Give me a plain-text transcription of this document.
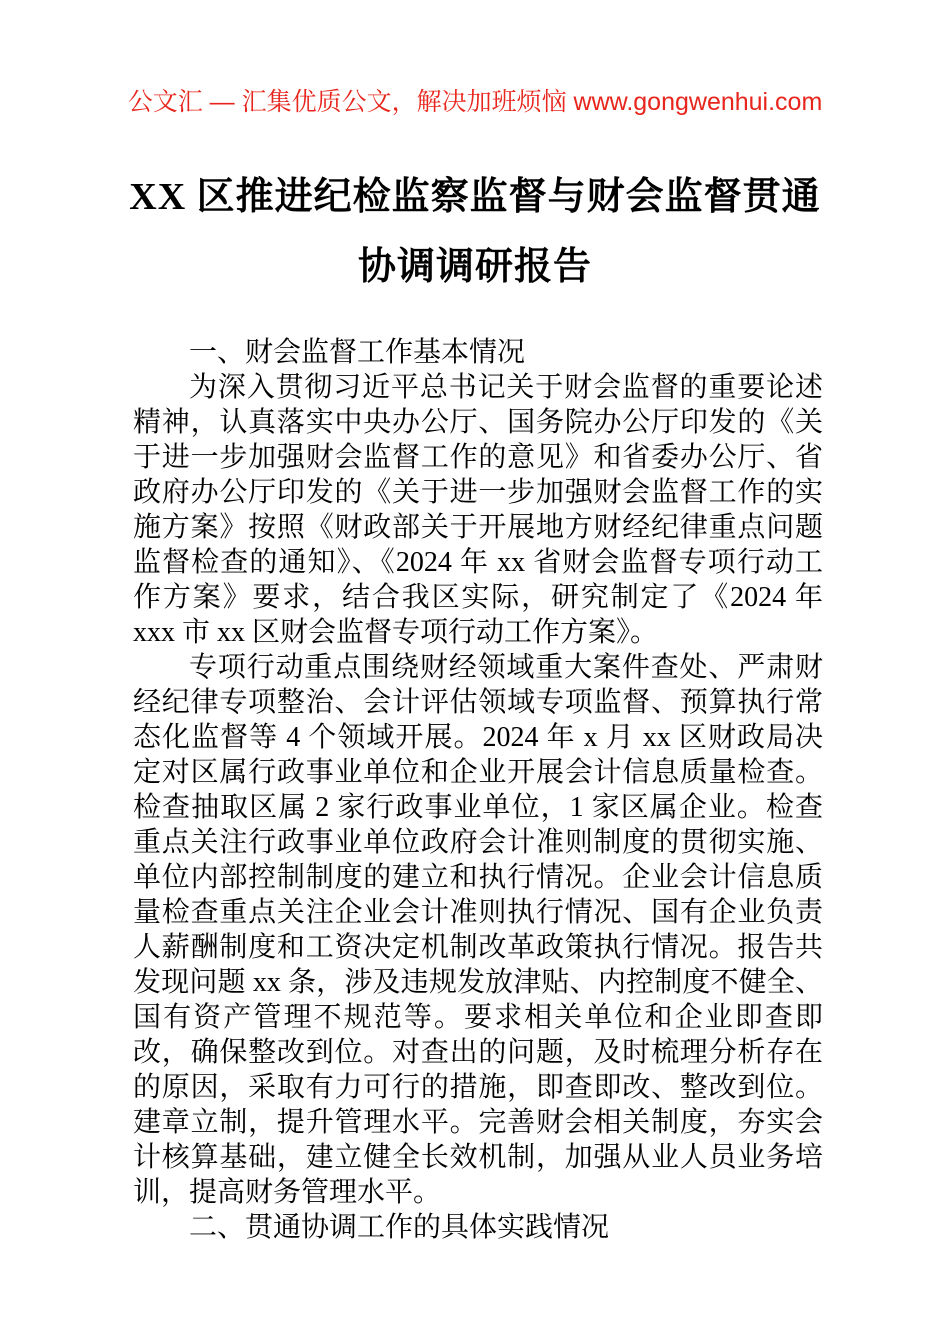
公文汇 — 汇集优质公文，解决加班烦恼 www.gongwenhui.com
XX 区推进纪检监察监督与财会监督贯通协调调研报告

一、财会监督工作基本情况

为深入贯彻习近平总书记关于财会监督的重要论述精神，认真落实中央办公厅、国务院办公厅印发的《关于进一步加强财会监督工作的意见》和省委办公厅、省政府办公厅印发的《关于进一步加强财会监督工作的实施方案》按照《财政部关于开展地方财经纪律重点问题监督检查的通知》、《2024 年 xx 省财会监督专项行动工作方案》要求，结合我区实际，研究制定了《2024 年 xxx 市 xx 区财会监督专项行动工作方案》。

专项行动重点围绕财经领域重大案件查处、严肃财经纪律专项整治、会计评估领域专项监督、预算执行常态化监督等 4 个领域开展。2024 年 x 月 xx 区财政局决定对区属行政事业单位和企业开展会计信息质量检查。检查抽取区属 2 家行政事业单位，1 家区属企业。检查重点关注行政事业单位政府会计准则制度的贯彻实施、单位内部控制制度的建立和执行情况。企业会计信息质量检查重点关注企业会计准则执行情况、国有企业负责人薪酬制度和工资决定机制改革政策执行情况。报告共发现问题 xx 条，涉及违规发放津贴、内控制度不健全、国有资产管理不规范等。要求相关单位和企业即查即改，确保整改到位。对查出的问题，及时梳理分析存在的原因，采取有力可行的措施，即查即改、整改到位。建章立制，提升管理水平。完善财会相关制度，夯实会计核算基础，建立健全长效机制，加强从业人员业务培训，提高财务管理水平。

二、贯通协调工作的具体实践情况
